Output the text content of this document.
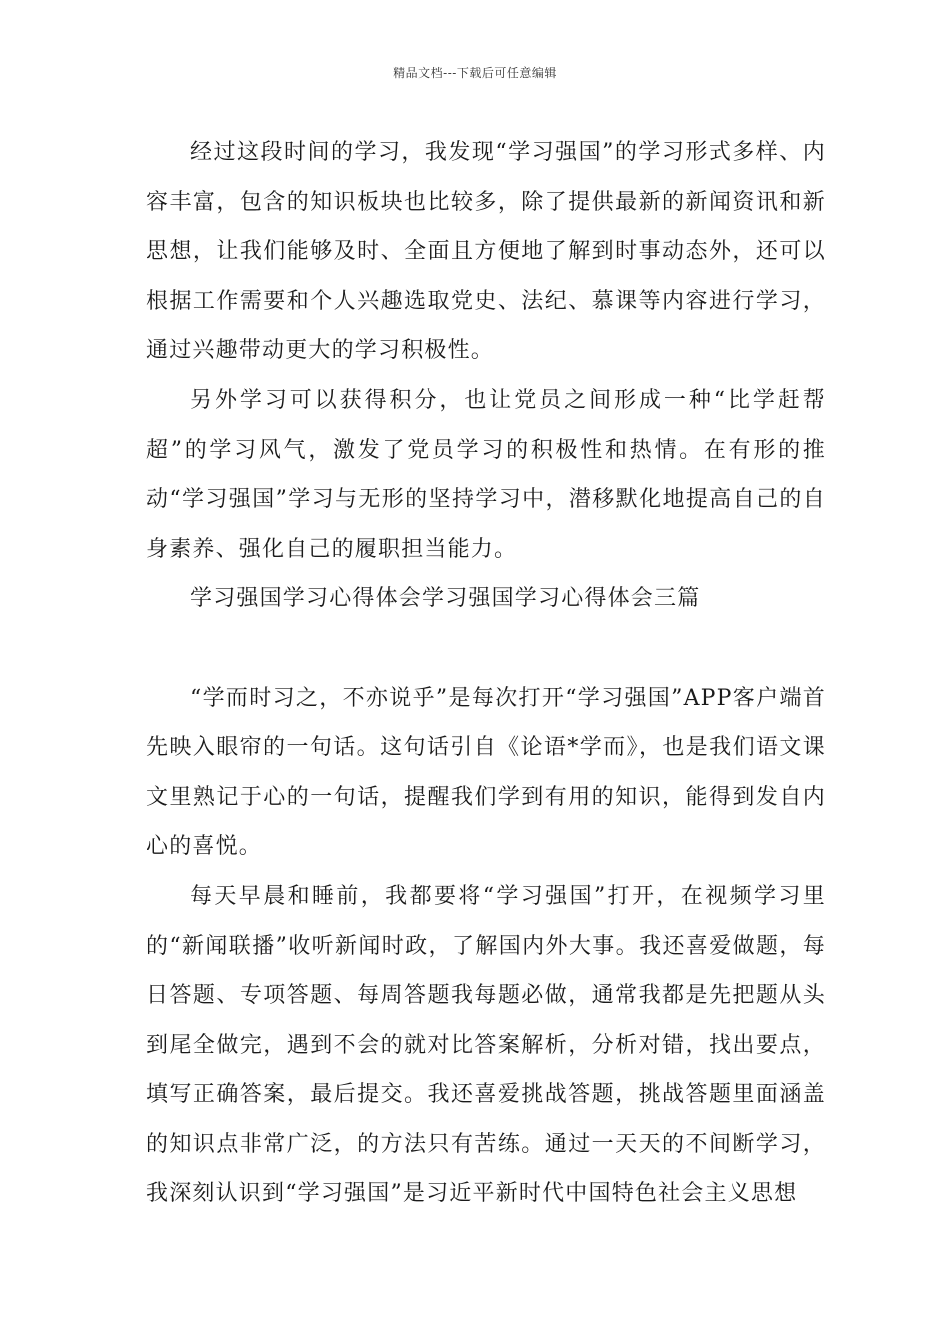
精品文档---下载后可任意编辑

经过这段时间的学习，我发现“学习强国”的学习形式多样、内容丰富，包含的知识板块也比较多，除了提供最新的新闻资讯和新思想，让我们能够及时、全面且方便地了解到时事动态外，还可以根据工作需要和个人兴趣选取党史、法纪、慕课等内容进行学习，通过兴趣带动更大的学习积极性。

另外学习可以获得积分，也让党员之间形成一种“比学赶帮超”的学习风气，激发了党员学习的积极性和热情。在有形的推动“学习强国”学习与无形的坚持学习中，潜移默化地提高自己的自身素养、强化自己的履职担当能力。

学习强国学习心得体会学习强国学习心得体会三篇

“学而时习之，不亦说乎”是每次打开“学习强国”APP客户端首先映入眼帘的一句话。这句话引自《论语*学而》，也是我们语文课文里熟记于心的一句话，提醒我们学到有用的知识，能得到发自内心的喜悦。

每天早晨和睡前，我都要将“学习强国”打开，在视频学习里的“新闻联播”收听新闻时政，了解国内外大事。我还喜爱做题，每日答题、专项答题、每周答题我每题必做，通常我都是先把题从头到尾全做完，遇到不会的就对比答案解析，分析对错，找出要点，填写正确答案，最后提交。我还喜爱挑战答题，挑战答题里面涵盖的知识点非常广泛，的方法只有苦练。通过一天天的不间断学习，我深刻认识到“学习强国”是习近平新时代中国特色社会主义思想
